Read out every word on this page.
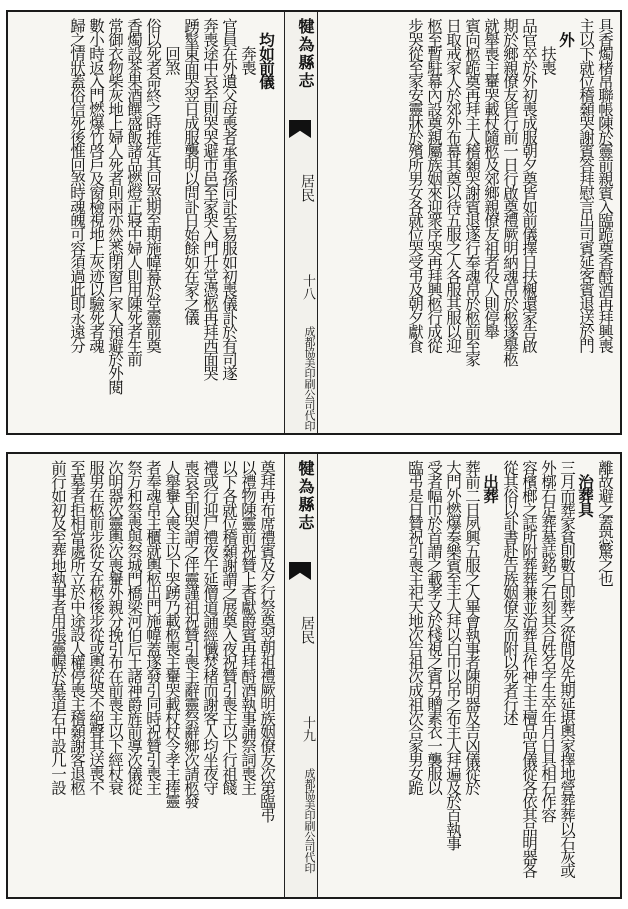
具香燭楮帛聯帳陳於靈前親賓入臨跪奠香酹酒再拜興喪
主以下就位稽顙哭謝賓答拜慰言出司賓延客賓退送於門
外
扶喪
品官卒於外初喪成服朝夕奠皆如前儀擇日扶櫬還家告啟
期於鄉親僚友皆行前一日行啟奠禮厥明納魂帛於柩遂舉柩
就舉喪主轝哭載杖隨柩及郊鄉親僚友祖者役人則停舉
賓向柩跪奠再拜主人稽顙哭謝賓退遂行奉魂帛於柩前至家
日取戒家人於郊外布幕其奠以待五服之人各服其服以迎
柩至暫駐幕內設奠親屬族姻來迎衆序哭再拜興柩行成從
步哭從至家安靈牀於殯所男女各就位哭受弔及朝夕獻食
犍為縣志
居民
十八
成都協美印刷公司代印
均如前儀
奔喪
官員在外遺父母喪者承重孫同訃至易服如初喪儀訃於有司遂
奔喪途中哀至則哭哭避市邑至家哭入門升堂憑柩再拜西面哭
踴髽東面哭翌日成服襲明以問訃日始餘如在家之儀
回煞
俗以死者命終之時推定其回煞期至期施幃幕於堂靈前奠
香燭設茶果酒饌盛飯諸品燃燈正寢中婦人則用陳死者生前
常御衣物柴灰地上婦人死者則兩亦然悉閉窗戶家人預避於外閱
數小時返入門燃爆竹啓戶及窗檢視地上灰迹以驗死者魂
歸之情狀蓋俗信死後惟回煞時魂魄可容須過此即永遠分
離故避之蓋恐驚之也
治葬具
三月而葬家貧則數日即葬之從間及先期延堪輿家擇地營葬葬以石灰或
外槨石足葬墓誌銘之石刻其合姓名字生卒年月日具相石作容
容檳榔之誌所附葬葬兼並治葬具作神主主檀品官儀從各依其品明器各
從其俗以訃書赴告族姻僚友而附以死者行述
出葬
葬前二日夙興五服之人畢會執事者陳明器及吉凶儀從於
大門外燃爆奏樂賓至主人拜以白巾以吊之布主人拜遍及於百執事
受者幅巾於首謂之載孝又於棧視之賓另贈素衣一襲服以
臨弔是日贊祝引喪主祀天地次告祖次成祖次合家男女跪
犍為縣志
居民
十九
成都協美印刷公司代印
奠拜再布席禮賓及夕行祭奠翌朝祖禮厥明族姻僚友次第臨弔
以禮物陳靈前祝贊上香獻爵賓再拜酹酒執事誦祭詞喪主
以下各就位稽顙謝謂之展奠入夜祝贊引喪主以下行祖餞
禮或行迎尸禮夜午延僧道誦經懺焚楮而謝客人均坐夜守
喪哀至則哭謂之伴靈謹祖祝贊引喪主辭靈祭辭鄉次請柩發
人舉轝入喪主以下哭踴乃載柩喪主轝哭載杖杖令孝主捧靈
者奉魂帛主櫃就輿柩出門施幃蓋遂發引同時祝贊引喪主
祭万和祭喪與祭城門橋梁河伯后土諸神爵旌前導次儀從
次明器次靈輿次喪轝外親分挽引布在前喪主以下經杖衰
服男在柩前步從女在柩後步從或輿從哭不絕聲其送喪不
至墓者拒相當處所立於中途設人權停喪主稽顙謝客退柩
前行如初及至葬地執事者用張靈幄於墓道右中設几一設
